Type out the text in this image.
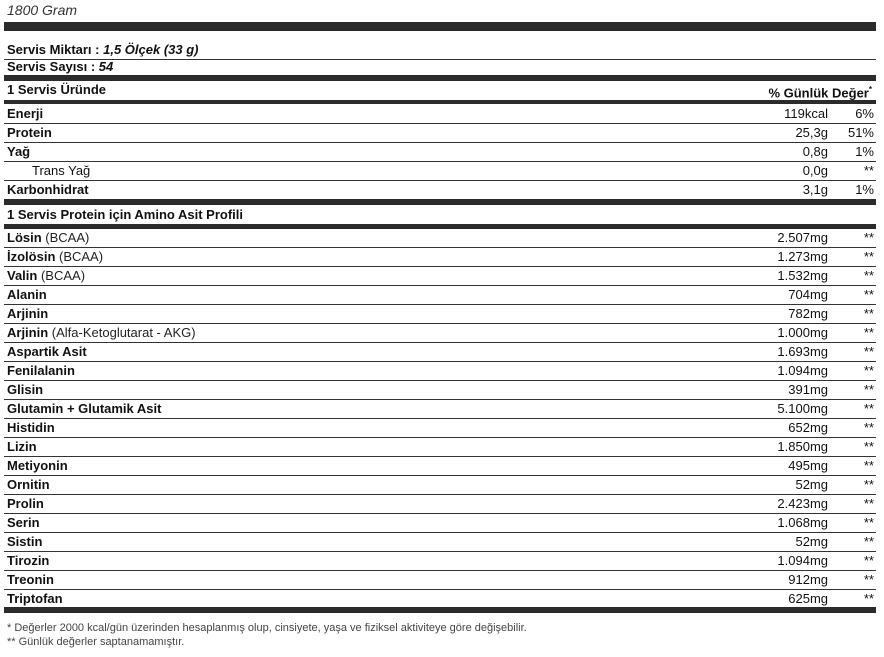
1800 Gram
Servis Miktarı : 1,5 Ölçek (33 g)
Servis Sayısı : 54
1 Servis Üründe	% Günlük Değer*
Enerji	119kcal 6%
Protein	25,3g 51%
Yağ	0,8g 1%
Trans Yağ	0,0g	**
Karbonhidrat	3,1g 1%
1 Servis Protein için Amino Asit Profili
Lösin (BCAA)	2.507mg	**
İzolösin (BCAA)	1.273mg	**
Valin (BCAA)	1.532mg	**
Alanin	704mg	**
Arjinin	782mg	**
Arjinin (Alfa-Ketoglutarat - AKG)	1.000mg	**
Aspartik Asit	1.693mg	**
Fenilalanin	1.094mg	**
Glisin	391mg	**
Glutamin + Glutamik Asit	5.100mg	**
Histidin	652mg	**
Lizin	1.850mg	**
Metiyonin	495mg	**
Ornitin	52mg	**
Prolin	2.423mg	**
Serin	1.068mg	**
Sistin	52mg	**
Tirozin	1.094mg	**
Treonin	912mg	**
Triptofan	625mg	**
* Değerler 2000 kcal/gün üzerinden hesaplanmış olup, cinsiyete, yaşa ve fiziksel aktiviteye göre değişebilir.
** Günlük değerler saptanamamıştır.
